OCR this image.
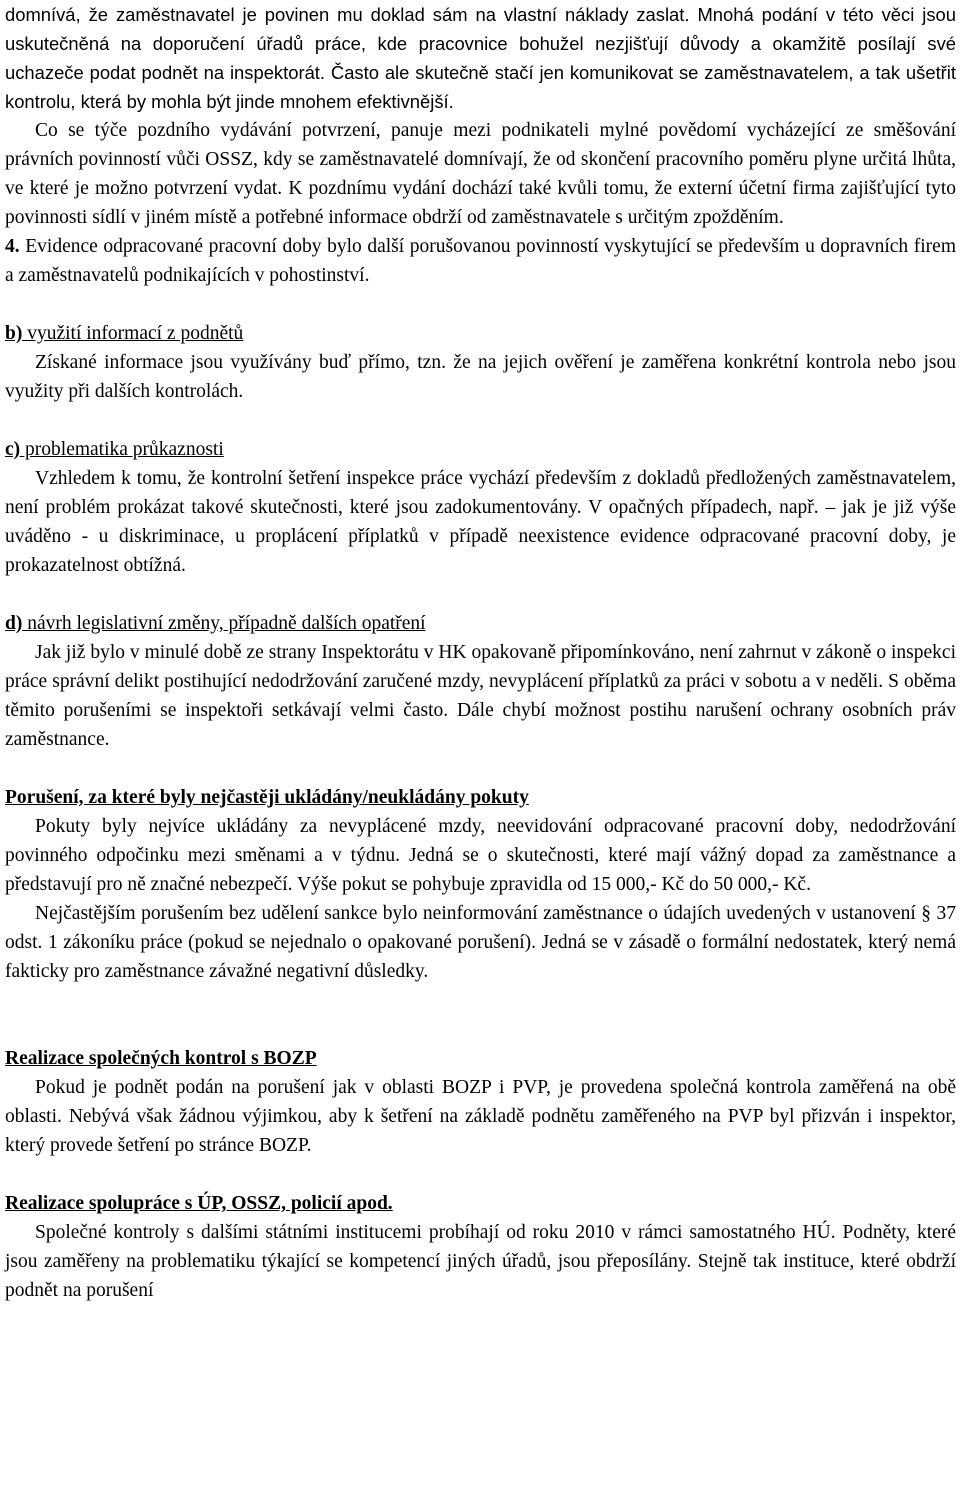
domnívá, že zaměstnavatel je povinen mu doklad sám na vlastní náklady zaslat. Mnohá podání v této věci jsou uskutečněná na doporučení úřadů práce, kde pracovnice bohužel nezjišťují důvody a okamžitě posílají své uchazeče podat podnět na inspektorát. Často ale skutečně stačí jen komunikovat se zaměstnavatelem, a tak ušetřit kontrolu, která by mohla být jinde mnohem efektivnější.

Co se týče pozdního vydávání potvrzení, panuje mezi podnikateli mylné povědomí vycházející ze směšování právních povinností vůči OSSZ, kdy se zaměstnavatelé domnívají, že od skončení pracovního poměru plyne určitá lhůta, ve které je možno potvrzení vydat. K pozdnímu vydání dochází také kvůli tomu, že externí účetní firma zajišťující tyto povinnosti sídlí v jiném místě a potřebné informace obdrží od zaměstnavatele s určitým zpožděním.

4. Evidence odpracované pracovní doby bylo další porušovanou povinností vyskytující se především u dopravních firem a zaměstnavatelů podnikajících v pohostinství.

b) využití informací z podnětů

Získané informace jsou využívány buď přímo, tzn. že na jejich ověření je zaměřena konkrétní kontrola nebo jsou využity při dalších kontrolách.

c) problematika průkaznosti

Vzhledem k tomu, že kontrolní šetření inspekce práce vychází především z dokladů předložených zaměstnavatelem, není problém prokázat takové skutečnosti, které jsou zadokumentovány. V opačných případech, např. – jak je již výše uváděno - u diskriminace, u proplácení příplatků v případě neexistence evidence odpracované pracovní doby, je prokazatelnost obtížná.

d) návrh legislativní změny, případně dalších opatření

Jak již bylo v minulé době ze strany Inspektorátu v HK opakovaně připomínkováno, není zahrnut v zákoně o inspekci práce správní delikt postihující nedodržování zaručené mzdy, nevyplácení příplatků za práci v sobotu a v neděli. S oběma těmito porušeními se inspektoři setkávají velmi často. Dále chybí možnost postihu narušení ochrany osobních práv zaměstnance.

Porušení, za které byly nejčastěji ukládány/neukládány pokuty

Pokuty byly nejvíce ukládány za nevyplácené mzdy, neevidování odpracované pracovní doby, nedodržování povinného odpočinku mezi směnami a v týdnu. Jedná se o skutečnosti, které mají vážný dopad za zaměstnance a představují pro ně značné nebezpečí. Výše pokut se pohybuje zpravidla od 15 000,- Kč do 50 000,- Kč.

Nejčastějším porušením bez udělení sankce bylo neinformování zaměstnance o údajích uvedených v ustanovení § 37 odst. 1 zákoníku práce (pokud se nejednalo o opakované porušení). Jedná se v zásadě o formální nedostatek, který nemá fakticky pro zaměstnance závažné negativní důsledky.

Realizace společných kontrol s BOZP

Pokud je podnět podán na porušení jak v oblasti BOZP i PVP, je provedena společná kontrola zaměřená na obě oblasti. Nebývá však žádnou výjimkou, aby k šetření na základě podnětu zaměřeného na PVP byl přizván i inspektor, který provede šetření po stránce BOZP.

Realizace spolupráce s ÚP, OSSZ, policií apod.

Společné kontroly s dalšími státními institucemi probíhají od roku 2010 v rámci samostatného HÚ. Podněty, které jsou zaměřeny na problematiku týkající se kompetencí jiných úřadů, jsou přeposílány. Stejně tak instituce, které obdrží podnět na porušení
